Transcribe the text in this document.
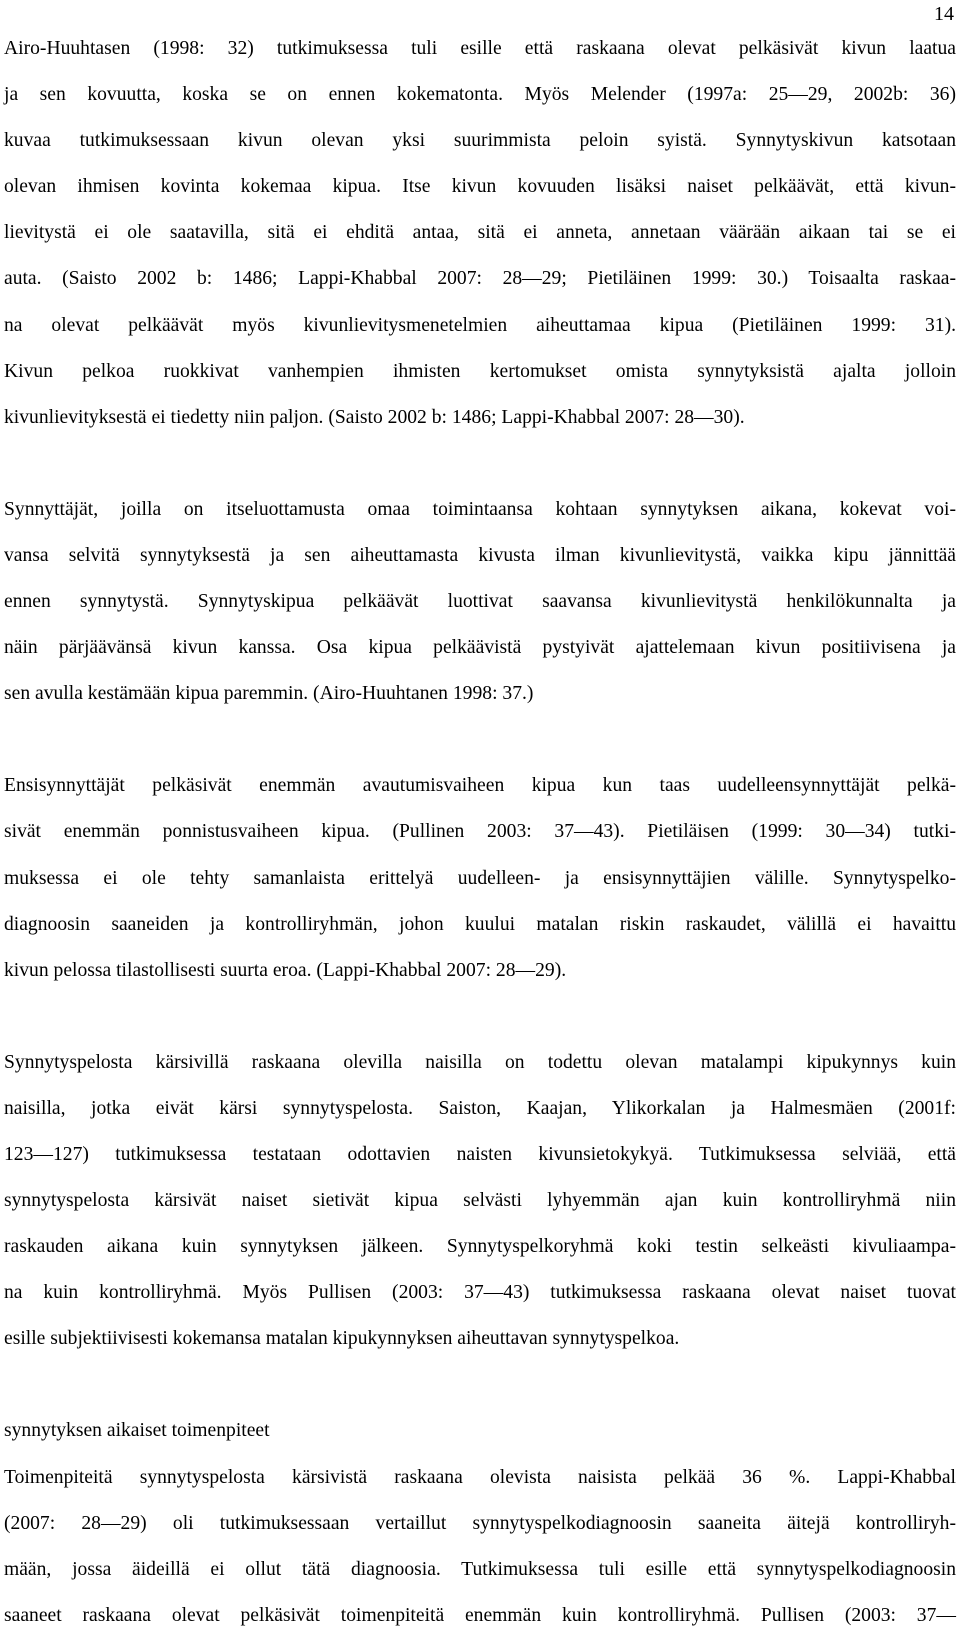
14
Airo-Huuhtasen (1998: 32) tutkimuksessa tuli esille että raskaana olevat pelkäsivät kivun laatua
ja sen kovuutta, koska se on ennen kokematonta. Myös Melender (1997a: 25—29, 2002b: 36)
kuvaa tutkimuksessaan kivun olevan yksi suurimmista peloin syistä. Synnytyskivun katsotaan
olevan ihmisen kovinta kokemaa kipua. Itse kivun kovuuden lisäksi naiset pelkäävät, että kivun-
lievitystä ei ole saatavilla, sitä ei ehditä antaa, sitä ei anneta, annetaan väärään aikaan tai se ei
auta. (Saisto 2002 b: 1486; Lappi-Khabbal 2007: 28—29; Pietiläinen 1999: 30.) Toisaalta raskaa-
na olevat pelkäävät myös kivunlievitysmenetelmien aiheuttamaa kipua (Pietiläinen 1999: 31).
Kivun pelkoa ruokkivat vanhempien ihmisten kertomukset omista synnytyksistä ajalta jolloin
kivunlievityksestä ei tiedetty niin paljon. (Saisto 2002 b: 1486; Lappi-Khabbal 2007: 28—30).
Synnyttäjät, joilla on itseluottamusta omaa toimintaansa kohtaan synnytyksen aikana, kokevat voi-
vansa selvitä synnytyksestä ja sen aiheuttamasta kivusta ilman kivunlievitystä, vaikka kipu jännittää
ennen synnytystä. Synnytyskipua pelkäävät luottivat saavansa kivunlievitystä henkilökunnalta ja
näin pärjäävänsä kivun kanssa. Osa kipua pelkäävistä pystyivät ajattelemaan kivun positiivisena ja
sen avulla kestämään kipua paremmin. (Airo-Huuhtanen 1998: 37.)
Ensisynnyttäjät pelkäsivät enemmän avautumisvaiheen kipua kun taas uudelleensynnyttäjät pelkä-
sivät enemmän ponnistusvaiheen kipua. (Pullinen 2003: 37—43). Pietiläisen (1999: 30—34) tutki-
muksessa ei ole tehty samanlaista erittelyä uudelleen- ja ensisynnyttäjien välille. Synnytyspelko-
diagnoosin saaneiden ja kontrolliryhmän, johon kuului matalan riskin raskaudet, välillä ei havaittu
kivun pelossa tilastollisesti suurta eroa. (Lappi-Khabbal 2007: 28—29).
Synnytyspelosta kärsivillä raskaana olevilla naisilla on todettu olevan matalampi kipukynnys kuin
naisilla, jotka eivät kärsi synnytyspelosta. Saiston, Kaajan, Ylikorkalan ja Halmesmäen (2001f:
123—127) tutkimuksessa testataan odottavien naisten kivunsietokykyä. Tutkimuksessa selviää, että
synnytyspelosta kärsivät naiset sietivät kipua selvästi lyhyemmän ajan kuin kontrolliryhmä niin
raskauden aikana kuin synnytyksen jälkeen. Synnytyspelkoryhmä koki testin selkeästi kivuliaampa-
na kuin kontrolliryhmä. Myös Pullisen (2003: 37—43) tutkimuksessa raskaana olevat naiset tuovat
esille subjektiivisesti kokemansa matalan kipukynnyksen aiheuttavan synnytyspelkoa.
synnytyksen aikaiset toimenpiteet
Toimenpiteitä synnytyspelosta kärsivistä raskaana olevista naisista pelkää 36 %. Lappi-Khabbal
(2007: 28—29) oli tutkimuksessaan vertaillut synnytyspelkodiagnoosin saaneita äitejä kontrolliryh-
mään, jossa äideillä ei ollut tätä diagnoosia. Tutkimuksessa tuli esille että synnytyspelkodiagnoosin
saaneet raskaana olevat pelkäsivät toimenpiteitä enemmän kuin kontrolliryhmä. Pullisen (2003: 37—
